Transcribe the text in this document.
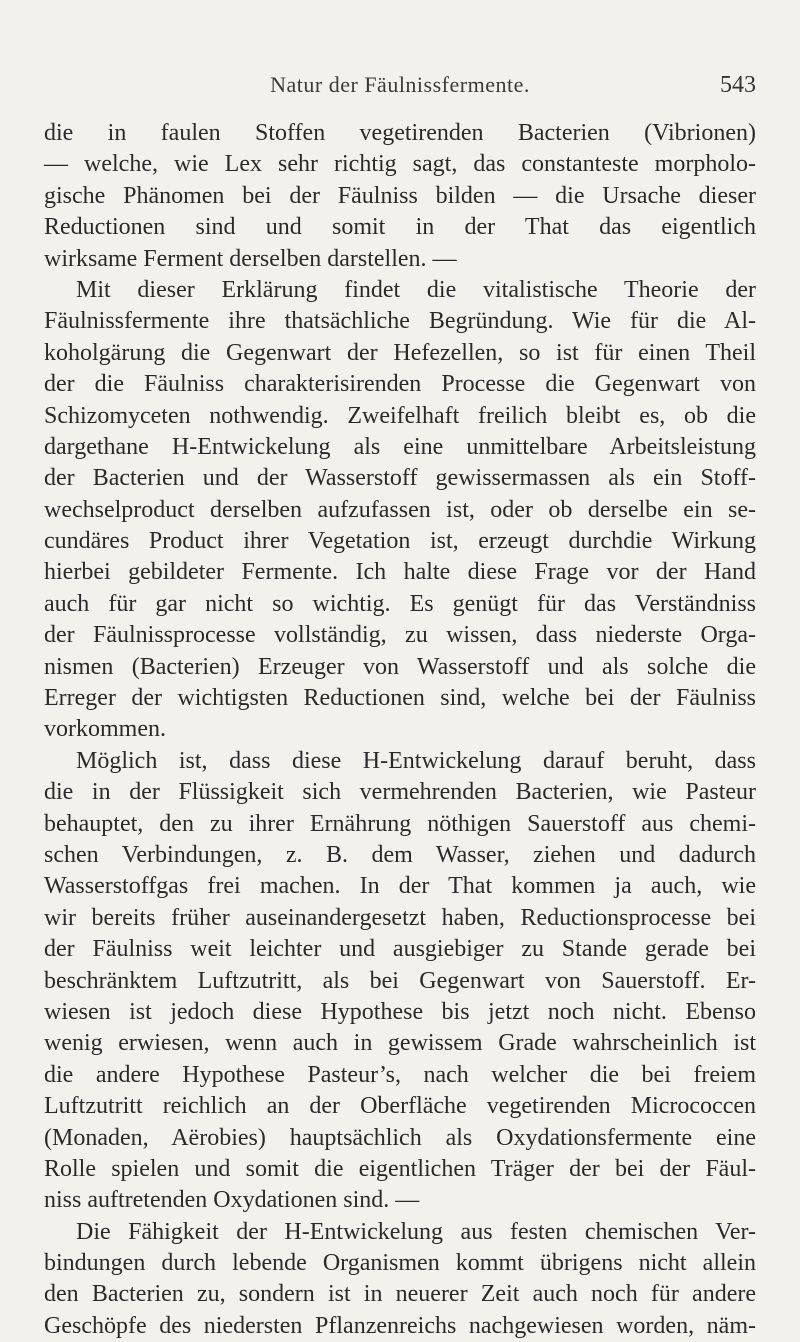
Natur der Fäulnissfermente.	543
die in faulen Stoffen vegetirenden Bacterien (Vibrionen)
— welche, wie Lex sehr richtig sagt, das constanteste morpholo-
gische Phänomen bei der Fäulniss bilden — die Ursache dieser
Reductionen sind und somit in der That das eigentlich
wirksame Ferment derselben darstellen. —
Mit dieser Erklärung findet die vitalistische Theorie der
Fäulnissfermente ihre thatsächliche Begründung. Wie für die Al-
koholgärung die Gegenwart der Hefezellen, so ist für einen Theil
der die Fäulniss charakterisirenden Processe die Gegenwart von
Schizomyceten nothwendig. Zweifelhaft freilich bleibt es, ob die
dargethane H-Entwickelung als eine unmittelbare Arbeitsleistung
der Bacterien und der Wasserstoff gewissermassen als ein Stoff-
wechselproduct derselben aufzufassen ist, oder ob derselbe ein se-
cundäres Product ihrer Vegetation ist, erzeugt durchdie Wirkung
hierbei gebildeter Fermente. Ich halte diese Frage vor der Hand
auch für gar nicht so wichtig. Es genügt für das Verständniss
der Fäulnissprocesse vollständig, zu wissen, dass niederste Orga-
nismen (Bacterien) Erzeuger von Wasserstoff und als solche die
Erreger der wichtigsten Reductionen sind, welche bei der Fäulniss
vorkommen.
Möglich ist, dass diese H-Entwickelung darauf beruht, dass
die in der Flüssigkeit sich vermehrenden Bacterien, wie Pasteur
behauptet, den zu ihrer Ernährung nöthigen Sauerstoff aus chemi-
schen Verbindungen, z. B. dem Wasser, ziehen und dadurch
Wasserstoffgas frei machen. In der That kommen ja auch, wie
wir bereits früher auseinandergesetzt haben, Reductionsprocesse bei
der Fäulniss weit leichter und ausgiebiger zu Stande gerade bei
beschränktem Luftzutritt, als bei Gegenwart von Sauerstoff. Er-
wiesen ist jedoch diese Hypothese bis jetzt noch nicht. Ebenso
wenig erwiesen, wenn auch in gewissem Grade wahrscheinlich ist
die andere Hypothese Pasteur’s, nach welcher die bei freiem
Luftzutritt reichlich an der Oberfläche vegetirenden Micrococcen
(Monaden, Aërobies) hauptsächlich als Oxydationsfermente eine
Rolle spielen und somit die eigentlichen Träger der bei der Fäul-
niss auftretenden Oxydationen sind. —
Die Fähigkeit der H-Entwickelung aus festen chemischen Ver-
bindungen durch lebende Organismen kommt übrigens nicht allein
den Bacterien zu, sondern ist in neuerer Zeit auch noch für andere
Geschöpfe des niedersten Pflanzenreichs nachgewiesen worden, näm-
